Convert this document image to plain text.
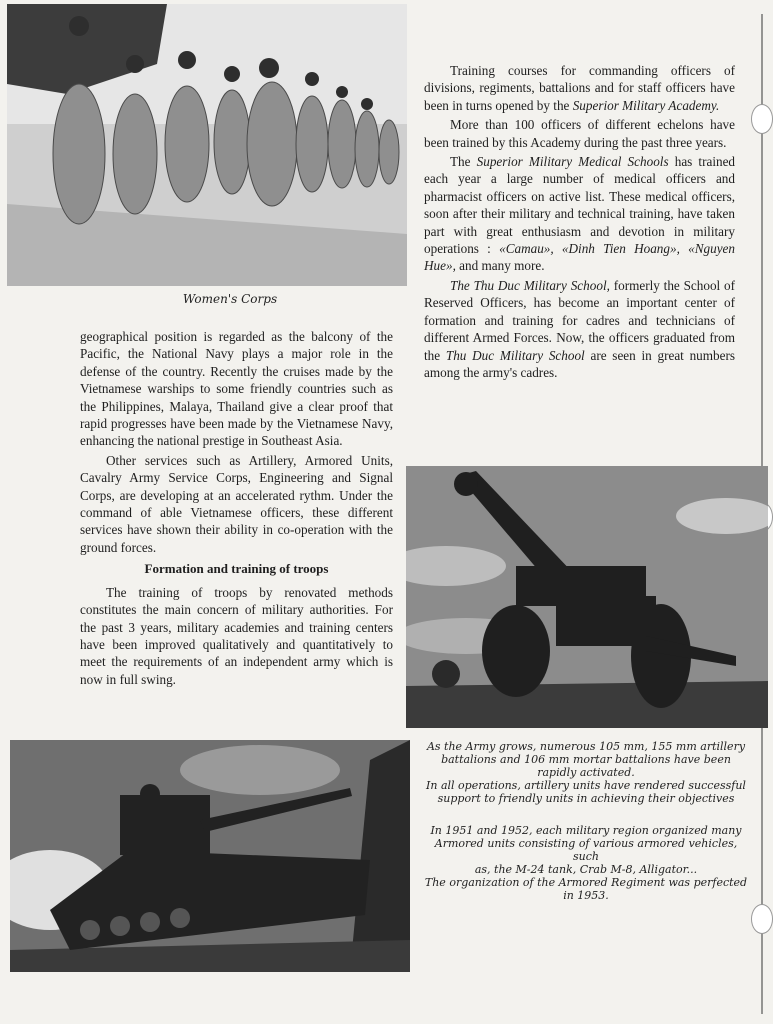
Women's Corps

geographical position is regarded as the balcony of the Pacific, the National Navy plays a major role in the defense of the country. Recently the cruises made by the Vietnamese warships to some friendly countries such as the Philippines, Malaya, Thailand give a clear proof that rapid progresses have been made by the Vietnamese Navy, enhancing the national prestige in Southeast Asia.

Other services such as Artillery, Armored Units, Cavalry Army Service Corps, Engineering and Signal Corps, are developing at an accelerated rythm. Under the command of able Vietnamese officers, these different services have shown their ability in co-operation with the ground forces.

Formation and training of troops

The training of troops by renovated methods constitutes the main concern of military authorities. For the past 3 years, military academies and training centers have been improved qualitatively and quantitatively to meet the requirements of an independent army which is now in full swing.

Training courses for commanding officers of divisions, regiments, battalions and for staff officers have been in turns opened by the Superior Military Academy.

More than 100 officers of different echelons have been trained by this Academy during the past three years.

The Superior Military Medical Schools has trained each year a large number of medical officers and pharmacist officers on active list. These medical officers, soon after their military and technical training, have taken part with great enthusiasm and devotion in military operations : «Camau», «Dinh Tien Hoang», «Nguyen Hue», and many more.

The Thu Duc Military School, formerly the School of Reserved Officers, has become an important center of formation and training for cadres and technicians of different Armed Forces. Now, the officers graduated from the Thu Duc Military School are seen in great numbers among the army's cadres.

As the Army grows, numerous 105 mm, 155 mm artillery
battalions and 106 mm mortar battalions have been
rapidly activated.
In all operations, artillery units have rendered successful
support to friendly units in achieving their objectives
In 1951 and 1952, each military region organized many
Armored units consisting of various armored vehicles, such
as, the M-24 tank, Crab M-8, Alligator...
The organization of the Armored Regiment was perfected
in 1953.
